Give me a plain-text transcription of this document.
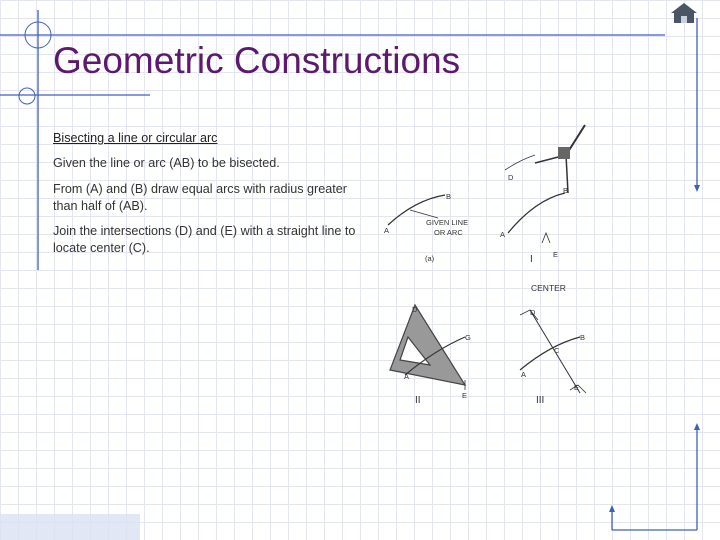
Geometric Constructions
Bisecting a line or circular arc
Given the line or arc (AB) to be bisected.
From (A) and (B) draw equal arcs with radius greater than half of (AB).
Join the intersections (D) and (E) with a straight line to locate center (C).
A
B
GIVEN LINE
OR ARC
(a)
D
B
A
I	E
CENTER
D
G
A
E
II
D
C
B
A
E
III
